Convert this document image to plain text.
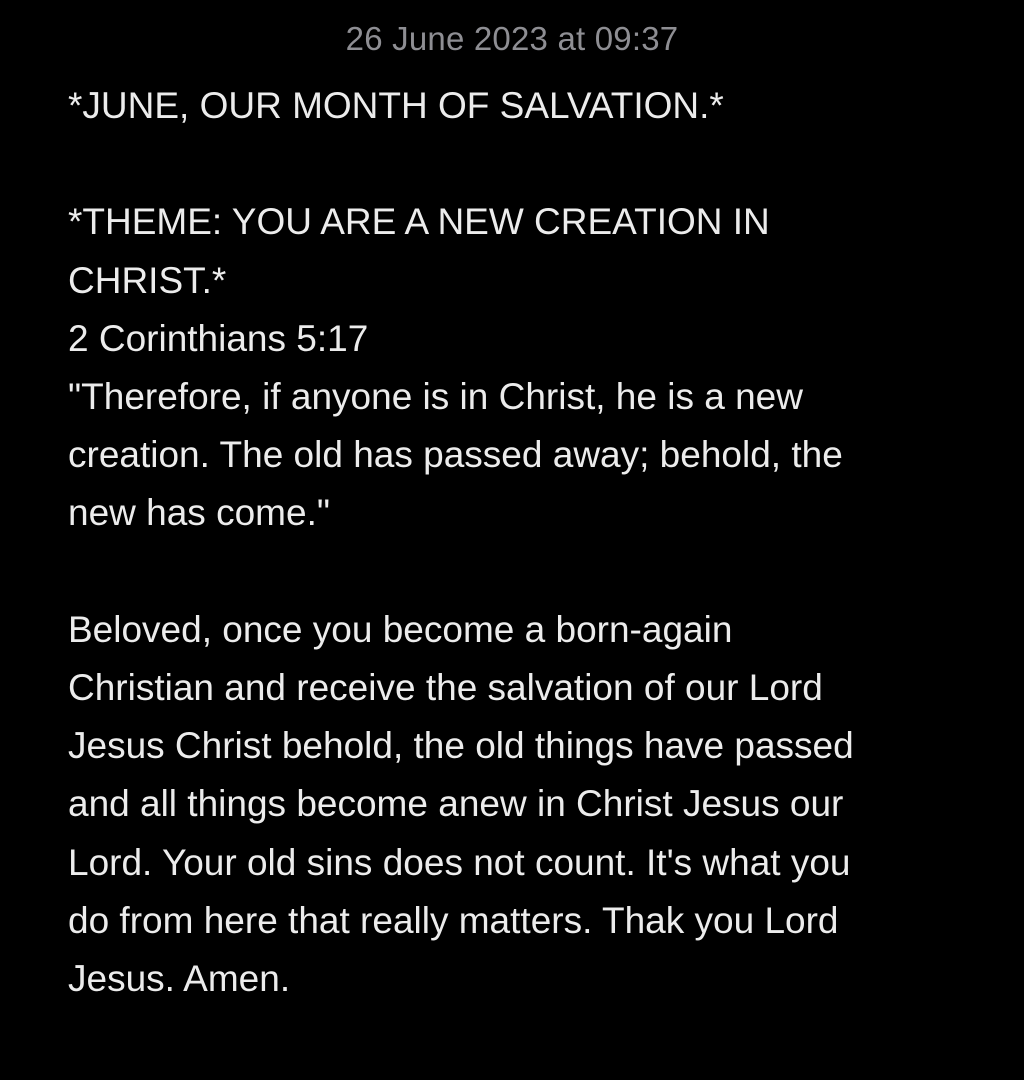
26 June 2023 at 09:37
*JUNE, OUR MONTH OF SALVATION.*
*THEME: YOU ARE A NEW CREATION IN
CHRIST.*
2 Corinthians 5:17
"Therefore, if anyone is in Christ, he is a new
creation. The old has passed away; behold, the
new has come."
Beloved, once you become a born-again
Christian and receive the salvation of our Lord
Jesus Christ behold, the old things have passed
and all things become anew in Christ Jesus our
Lord. Your old sins does not count. It's what you
do from here that really matters. Thak you Lord
Jesus. Amen.
